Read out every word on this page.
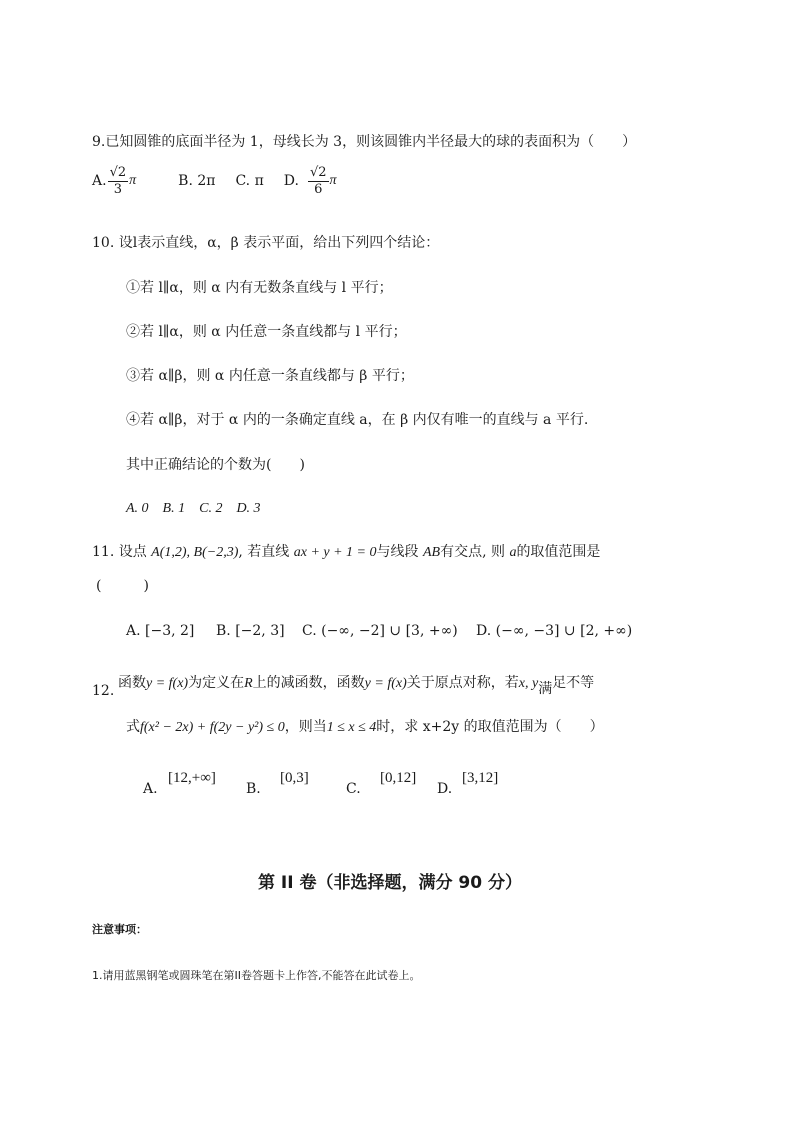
9.已知圆锥的底面半径为 1，母线长为 3，则该圆锥内半径最大的球的表面积为（　　）
A. $\frac{√2}{3}$ π	B. 2π C. π D. $\frac{√2}{6}$ π
10. 设l表示直线，α，β 表示平面，给出下列四个结论：
①若 l∥α，则 α 内有无数条直线与 l 平行；
②若 l∥α，则 α 内任意一条直线都与 l 平行；
③若 α∥β，则 α 内任意一条直线都与 β 平行；
④若 α∥β，对于 α 内的一条确定直线 a，在 β 内仅有唯一的直线与 a 平行.
其中正确结论的个数为(　　)
A. 0　B. 1　C. 2　D. 3
11. 设点 A(1,2), B(−2,3), 若直线 ax + y + 1 = 0与线段 AB有交点, 则 a的取值范围是
(　　　)
A. [−3, 2] B. [−2, 3] C. (−∞, −2] ∪ [3, +∞) D. (−∞, −3] ∪ [2, +∞)
12. 函数y = f(x)为定义在R上的减函数，函数y = f(x)关于原点对称，若x, y满足不等
式f(x² − 2x) + f(2y − y²) ≤ 0，则当1 ≤ x ≤ 4时，求 x+2y 的取值范围为（　　）
A.
[12,+∞]
B.
[0,3]
C.
[0,12]
D.
[3,12]
第 II 卷（非选择题，满分 90 分）
注意事项：
1.请用蓝黑钢笔或圆珠笔在第II卷答题卡上作答,不能答在此试卷上。
